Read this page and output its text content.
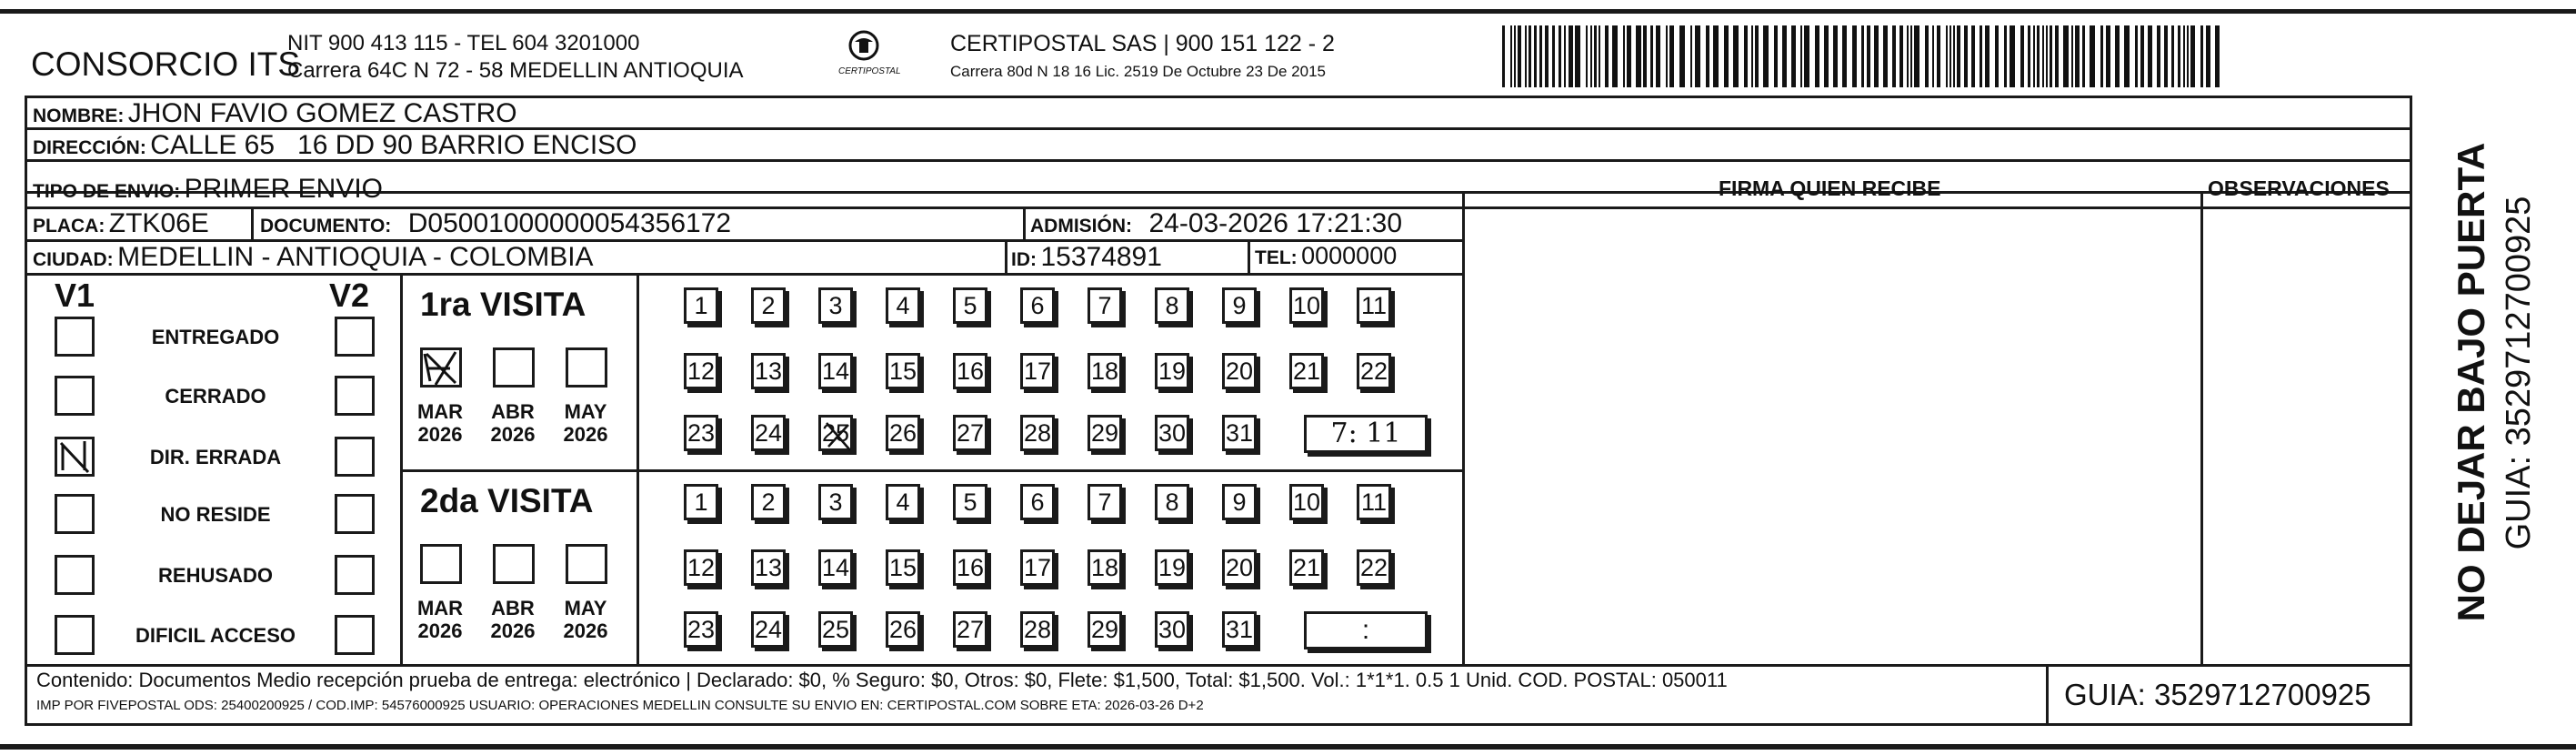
CONSORCIO ITS
NIT 900 413 115 - TEL 604 3201000
Carrera 64C N 72 - 58 MEDELLIN ANTIOQUIA	CERTIPOSTAL
CERTIPOSTAL SAS | 900 151 122 - 2
Carrera 80d N 18 16 Lic. 2519 De Octubre 23 De 2015
NOMBRE: JHON FAVIO GOMEZ CASTRO
DIRECCIÓN: CALLE 65   16 DD 90 BARRIO ENCISO
TIPO DE ENVIO: PRIMER ENVIO	FIRMA QUIEN RECIBE	OBSERVACIONES
PLACA: ZTK06E	DOCUMENTO: D05001000000054356172	ADMISIÓN: 24-03-2026 17:21:30
CIUDAD: MEDELLIN - ANTIOQUIA - COLOMBIA	ID: 15374891	TEL: 0000000
V1	V2
ENTREGADO
CERRADO
DIR. ERRADA
NO RESIDE
REHUSADO
DIFICIL ACCESO
1ra VISITA
MAR
2026
ABR
2026
MAY
2026
1	2	3	4	5	6	7	8	9	10 11
12 13 14 15 16 17 18 19 20 21 22
23 24 25 26 27 28 29 30 31	7: 11
2da VISITA
MAR
2026
ABR
2026
MAY
2026
1	2	3	4	5	6	7	8	9	10 11
12 13 14 15 16 17 18 19 20 21 22
23 24 25 26 27 28 29 30 31	:
Contenido: Documentos Medio recepción prueba de entrega: electrónico | Declarado: $0, % Seguro: $0, Otros: $0, Flete: $1,500, Total: $1,500. Vol.: 1*1*1. 0.5 1 Unid. COD. POSTAL: 050011
IMP POR FIVEPOSTAL ODS: 25400200925 / COD.IMP: 54576000925 USUARIO: OPERACIONES MEDELLIN CONSULTE SU ENVIO EN: CERTIPOSTAL.COM SOBRE ETA: 2026-03-26 D+2	GUIA: 3529712700925
NO DEJAR BAJO PUERTA GUIA: 3529712700925
